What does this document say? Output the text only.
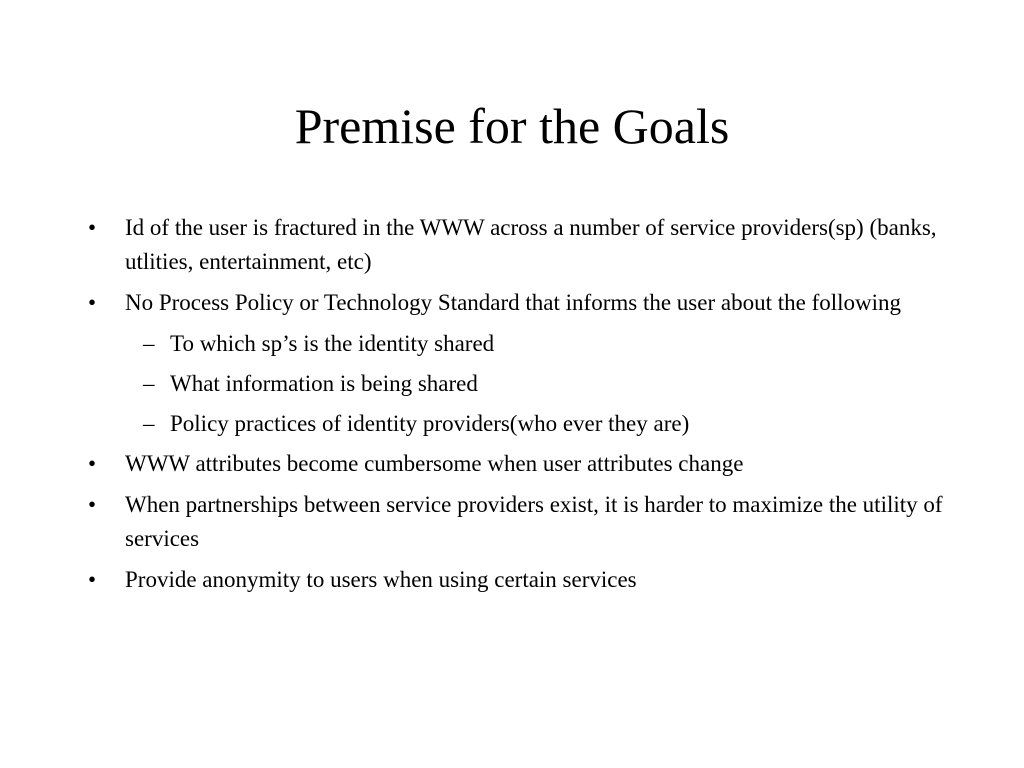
Premise for the Goals
• Id of the user is fractured in the WWW across a number of service providers(sp) (banks, utlities, entertainment, etc)
• No Process Policy or Technology Standard that informs the user about the following
– To which sp’s is the identity shared
– What information is being shared
– Policy practices of identity providers(who ever they are)
• WWW attributes become cumbersome when user attributes change
• When partnerships between service providers exist, it is harder to maximize the utility of services
• Provide anonymity to users when using certain services
